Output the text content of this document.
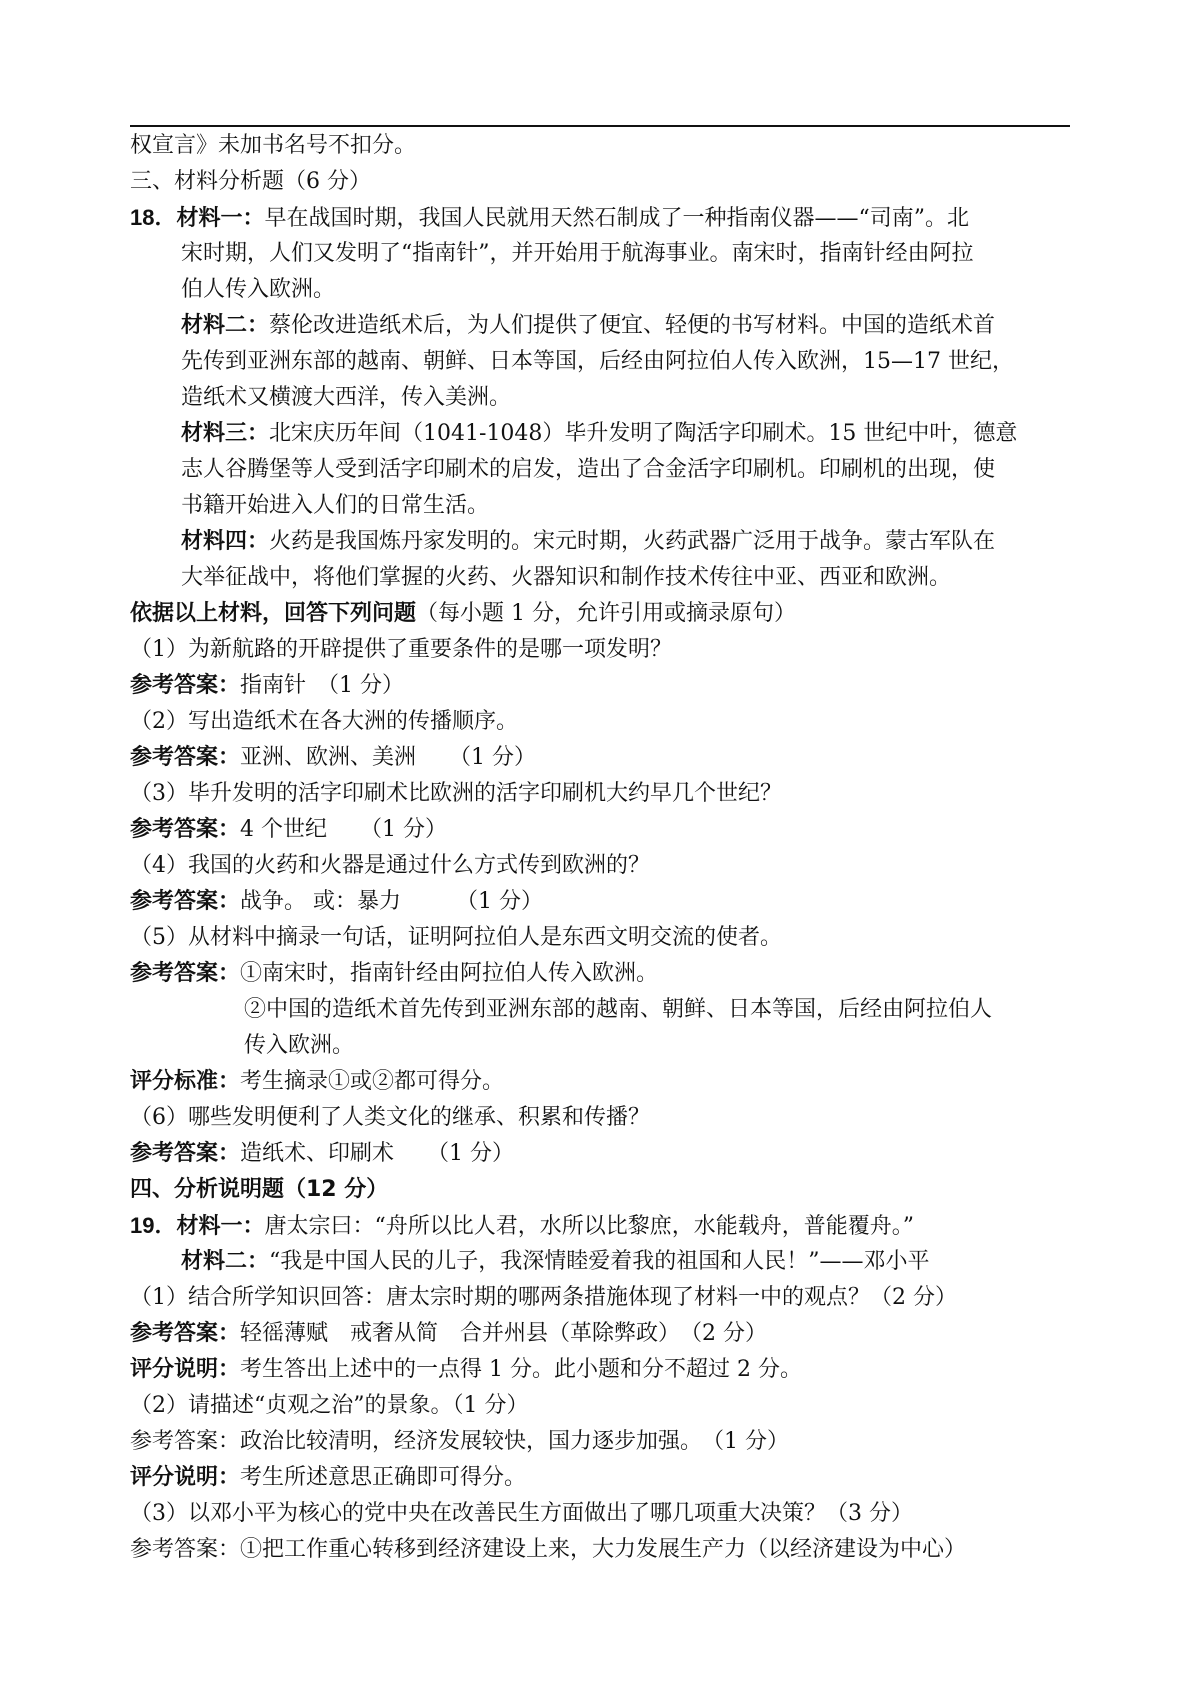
权宣言》未加书名号不扣分。
三、材料分析题（6 分）
18．材料一：早在战国时期，我国人民就用天然石制成了一种指南仪器——“司南”。北
宋时期，人们又发明了“指南针”，并开始用于航海事业。南宋时，指南针经由阿拉
伯人传入欧洲。
材料二：蔡伦改进造纸术后，为人们提供了便宜、轻便的书写材料。中国的造纸术首
先传到亚洲东部的越南、朝鲜、日本等国，后经由阿拉伯人传入欧洲，15—17 世纪，
造纸术又横渡大西洋，传入美洲。
材料三：北宋庆历年间（1041-1048）毕升发明了陶活字印刷术。15 世纪中叶，德意
志人谷腾堡等人受到活字印刷术的启发，造出了合金活字印刷机。印刷机的出现，使
书籍开始进入人们的日常生活。
材料四：火药是我国炼丹家发明的。宋元时期，火药武器广泛用于战争。蒙古军队在
大举征战中，将他们掌握的火药、火器知识和制作技术传往中亚、西亚和欧洲。
依据以上材料，回答下列问题（每小题 1 分，允许引用或摘录原句）
（1）为新航路的开辟提供了重要条件的是哪一项发明？
参考答案：指南针　（1 分）
（2）写出造纸术在各大洲的传播顺序。
参考答案：亚洲、欧洲、美洲　　（1 分）
（3）毕升发明的活字印刷术比欧洲的活字印刷机大约早几个世纪？
参考答案：4 个世纪　　（1 分）
（4）我国的火药和火器是通过什么方式传到欧洲的？
参考答案：战争。 或：暴力　　　（1 分）
（5）从材料中摘录一句话，证明阿拉伯人是东西文明交流的使者。
参考答案：①南宋时，指南针经由阿拉伯人传入欧洲。
②中国的造纸术首先传到亚洲东部的越南、朝鲜、日本等国，后经由阿拉伯人
传入欧洲。
评分标准：考生摘录①或②都可得分。
（6）哪些发明便利了人类文化的继承、积累和传播？
参考答案：造纸术、印刷术　　（1 分）
四、分析说明题（12 分）
19．材料一：唐太宗曰：“舟所以比人君，水所以比黎庶，水能载舟，普能覆舟。”
材料二：“我是中国人民的儿子，我深情睦爱着我的祖国和人民！”——邓小平
（1）结合所学知识回答：唐太宗时期的哪两条措施体现了材料一中的观点？（2 分）
参考答案：轻徭薄赋　戒奢从简　合并州县（革除弊政）　（2 分）
评分说明：考生答出上述中的一点得 1 分。此小题和分不超过 2 分。
（2）请描述“贞观之治”的景象。（1 分）
参考答案：政治比较清明，经济发展较快，国力逐步加强。　（1 分）
评分说明：考生所述意思正确即可得分。
（3）以邓小平为核心的党中央在改善民生方面做出了哪几项重大决策？（3 分）
参考答案：①把工作重心转移到经济建设上来，大力发展生产力（以经济建设为中心）
